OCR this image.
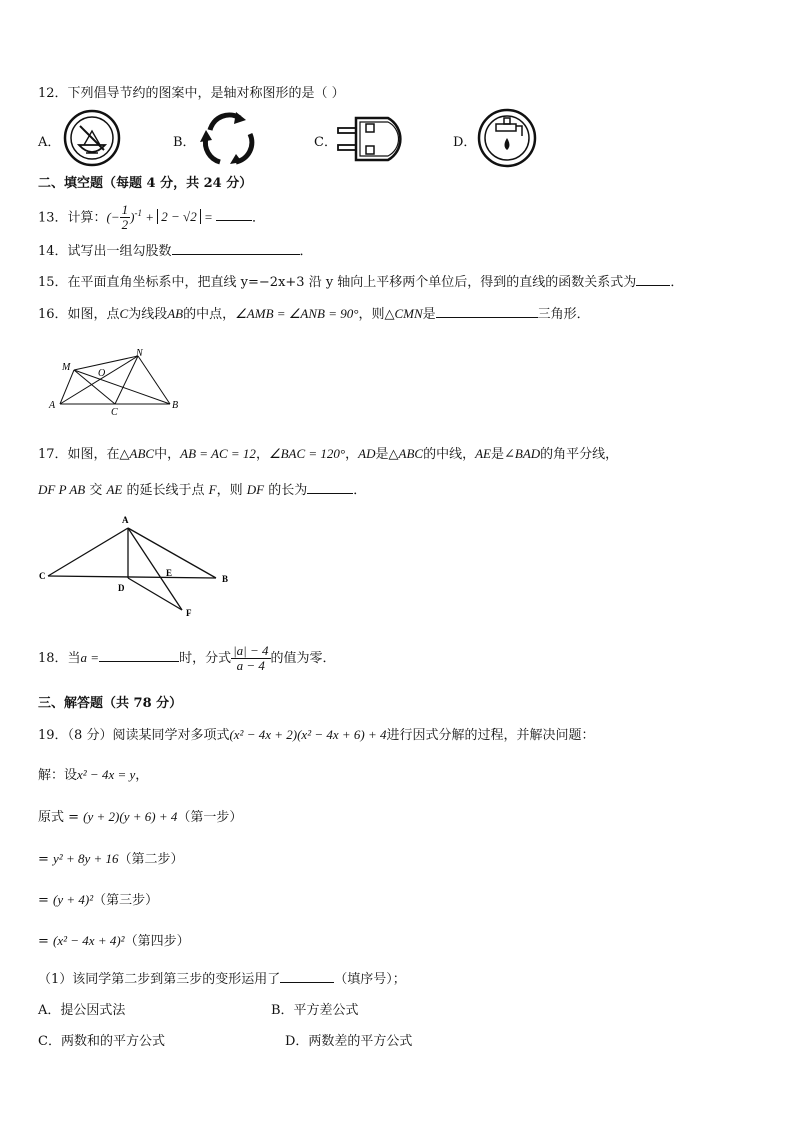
12．下列倡导节约的图案中，是轴对称图形的是（ ）
A．	B．	C．	D．
二、填空题（每题 4 分，共 24 分）
13．计算：(− $\frac{1}{2} )^{-1} + 2 - √2$ =	．
14．试写出一组勾股数	．
15．在平面直角坐标系中，把直线 y=−2x+3 沿 y 轴向上平移两个单位后，得到的直线的函数关系式为	．
16．如图，点C为线段AB的中点，∠AMB = ∠ANB = 90°，则△CMN是	三角形．
M
N
O
A	B
C
17．如图，在△ABC中，AB = AC = 12，∠BAC = 120°，AD是△ABC的中线，AE是∠BAD的角平分线，
DF P AB 交 AE 的延长线于点 F，则 DF 的长为	．
A
B
C
D
E
F
18．当a =	时，分式 $\frac{|a| - 4}{a - 4}$ 的值为零．
三、解答题（共 78 分）
19．（8 分）阅读某同学对多项式(x² − 4x + 2)(x² − 4x + 6) + 4进行因式分解的过程，并解决问题：
解：设x² − 4x = y，
原式 = (y + 2)(y + 6) + 4（第一步）
= y² + 8y + 16（第二步）
= (y + 4)²（第三步）
= (x² − 4x + 4)²（第四步）
（1）该同学第二步到第三步的变形运用了	（填序号）；
A．提公因式法	B．平方差公式
C．两数和的平方公式	D．两数差的平方公式
